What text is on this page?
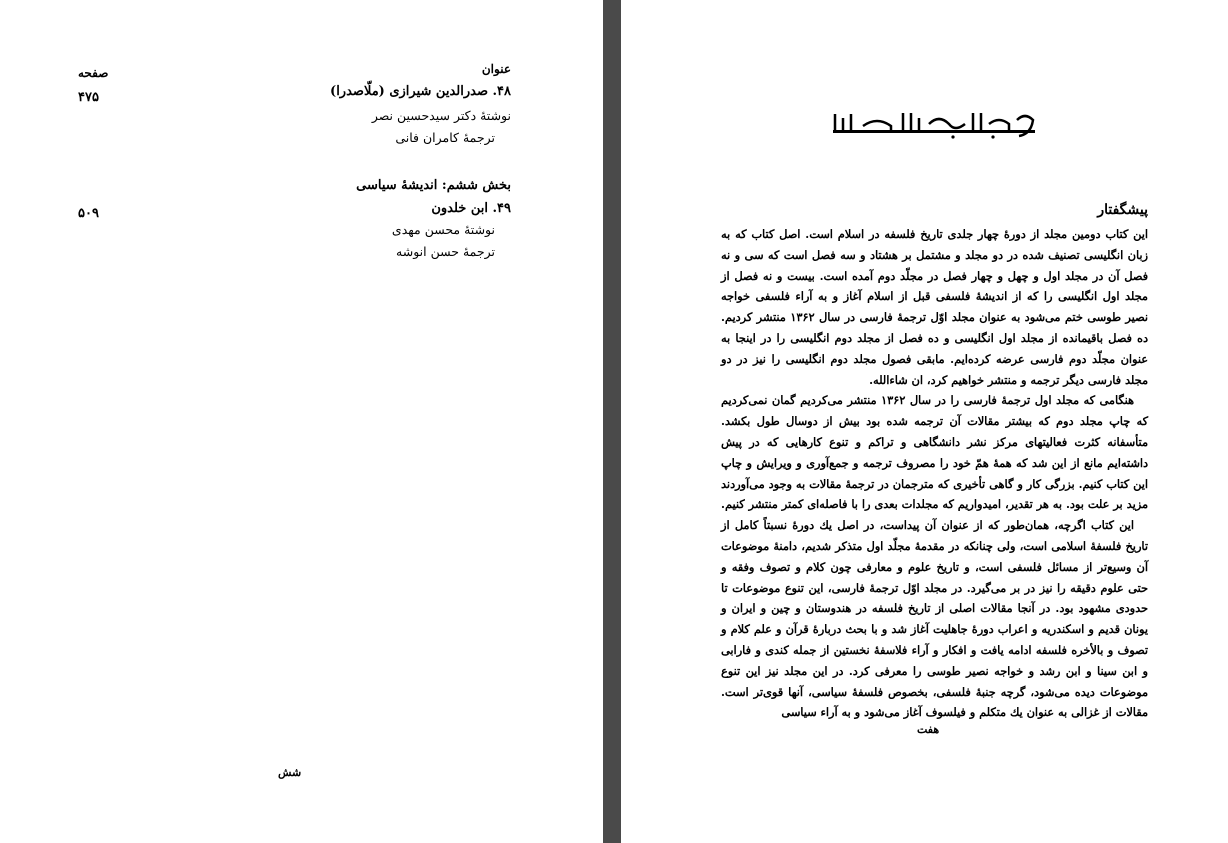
عنوان
صفحه
۴۸. صدرالدین شیرازی (ملّاصدرا)
۴۷۵
نوشتهٔ دکتر سیدحسین نصر
ترجمهٔ کامران فانی
بخش ششم: اندیشهٔ سیاسی
۴۹. ابن خلدون
۵۰۹
نوشتهٔ محسن مهدی
ترجمهٔ حسن انوشه
شش
پیشگفتار

این کتاب دومین مجلد از دورهٔ چهار جلدی تاریخ فلسفه در اسلام است. اصل کتاب که به زبان انگلیسی تصنیف شده در دو مجلد و مشتمل بر هشتاد و سه فصل است که سی و نه فصل آن در مجلد اول و چهل و چهار فصل در مجلّد دوم آمده است. بیست و نه فصل از مجلد اول انگلیسی را که از اندیشهٔ فلسفی قبل از اسلام آغاز و به آراء فلسفی خواجه نصیر طوسی ختم می‌شود به عنوان مجلد اوّل ترجمهٔ فارسی در سال ۱۳۶۲ منتشر کردیم. ده فصل باقیمانده از مجلد اول انگلیسی و ده فصل از مجلد دوم انگلیسی را در اینجا به عنوان مجلّد دوم فارسی عرضه کرده‌ایم. مابقی فصول مجلد دوم انگلیسی را نیز در دو مجلد فارسی دیگر ترجمه و منتشر خواهیم کرد، ان شاءالله.

هنگامی که مجلد اول ترجمهٔ فارسی را در سال ۱۳۶۲ منتشر می‌کردیم گمان نمی‌کردیم که چاپ مجلد دوم که بیشتر مقالات آن ترجمه شده بود بیش از دوسال طول بکشد. متأسفانه کثرت فعالیتهای مرکز نشر دانشگاهی و تراکم و تنوع کارهایی که در پیش داشته‌ایم مانع از این شد که همهٔ همّ خود را مصروف ترجمه و جمع‌آوری و ویرایش و چاپ این کتاب کنیم. بزرگی کار و گاهی تأخیری که مترجمان در ترجمهٔ مقالات به وجود می‌آوردند مزید بر علت بود. به هر تقدیر، امیدواریم که مجلدات بعدی را با فاصله‌ای کمتر منتشر کنیم.

این کتاب اگرچه، همان‌طور که از عنوان آن پیداست، در اصل یك دورهٔ نسبتاً کامل از تاریخ فلسفهٔ اسلامی است، ولی چنانکه در مقدمهٔ مجلّد اول متذکر شدیم، دامنهٔ موضوعات آن وسیع‌تر از مسائل فلسفی است، و تاریخ علوم و معارفی چون کلام و تصوف وفقه و حتی علوم دقیقه را نیز در بر می‌گیرد. در مجلد اوّل ترجمهٔ فارسی، این تنوع موضوعات تا حدودی مشهود بود. در آنجا مقالات اصلی از تاریخ فلسفه در هندوستان و چین و ایران و یونان قدیم و اسکندریه و اعراب دورهٔ جاهلیت آغاز شد و با بحث دربارهٔ قرآن و علم کلام و تصوف و بالأخره فلسفه ادامه یافت و افکار و آراء فلاسفهٔ نخستین از جمله کندی و فارابی و ابن سینا و ابن رشد و خواجه نصیر طوسی را معرفی کرد. در این مجلد نیز این تنوع موضوعات دیده می‌شود، گرچه جنبهٔ فلسفی، بخصوص فلسفهٔ سیاسی، آنها قوی‌تر است. مقالات از غزالی به عنوان یك متکلم و فیلسوف آغاز می‌شود و به آراء سیاسی

هفت
